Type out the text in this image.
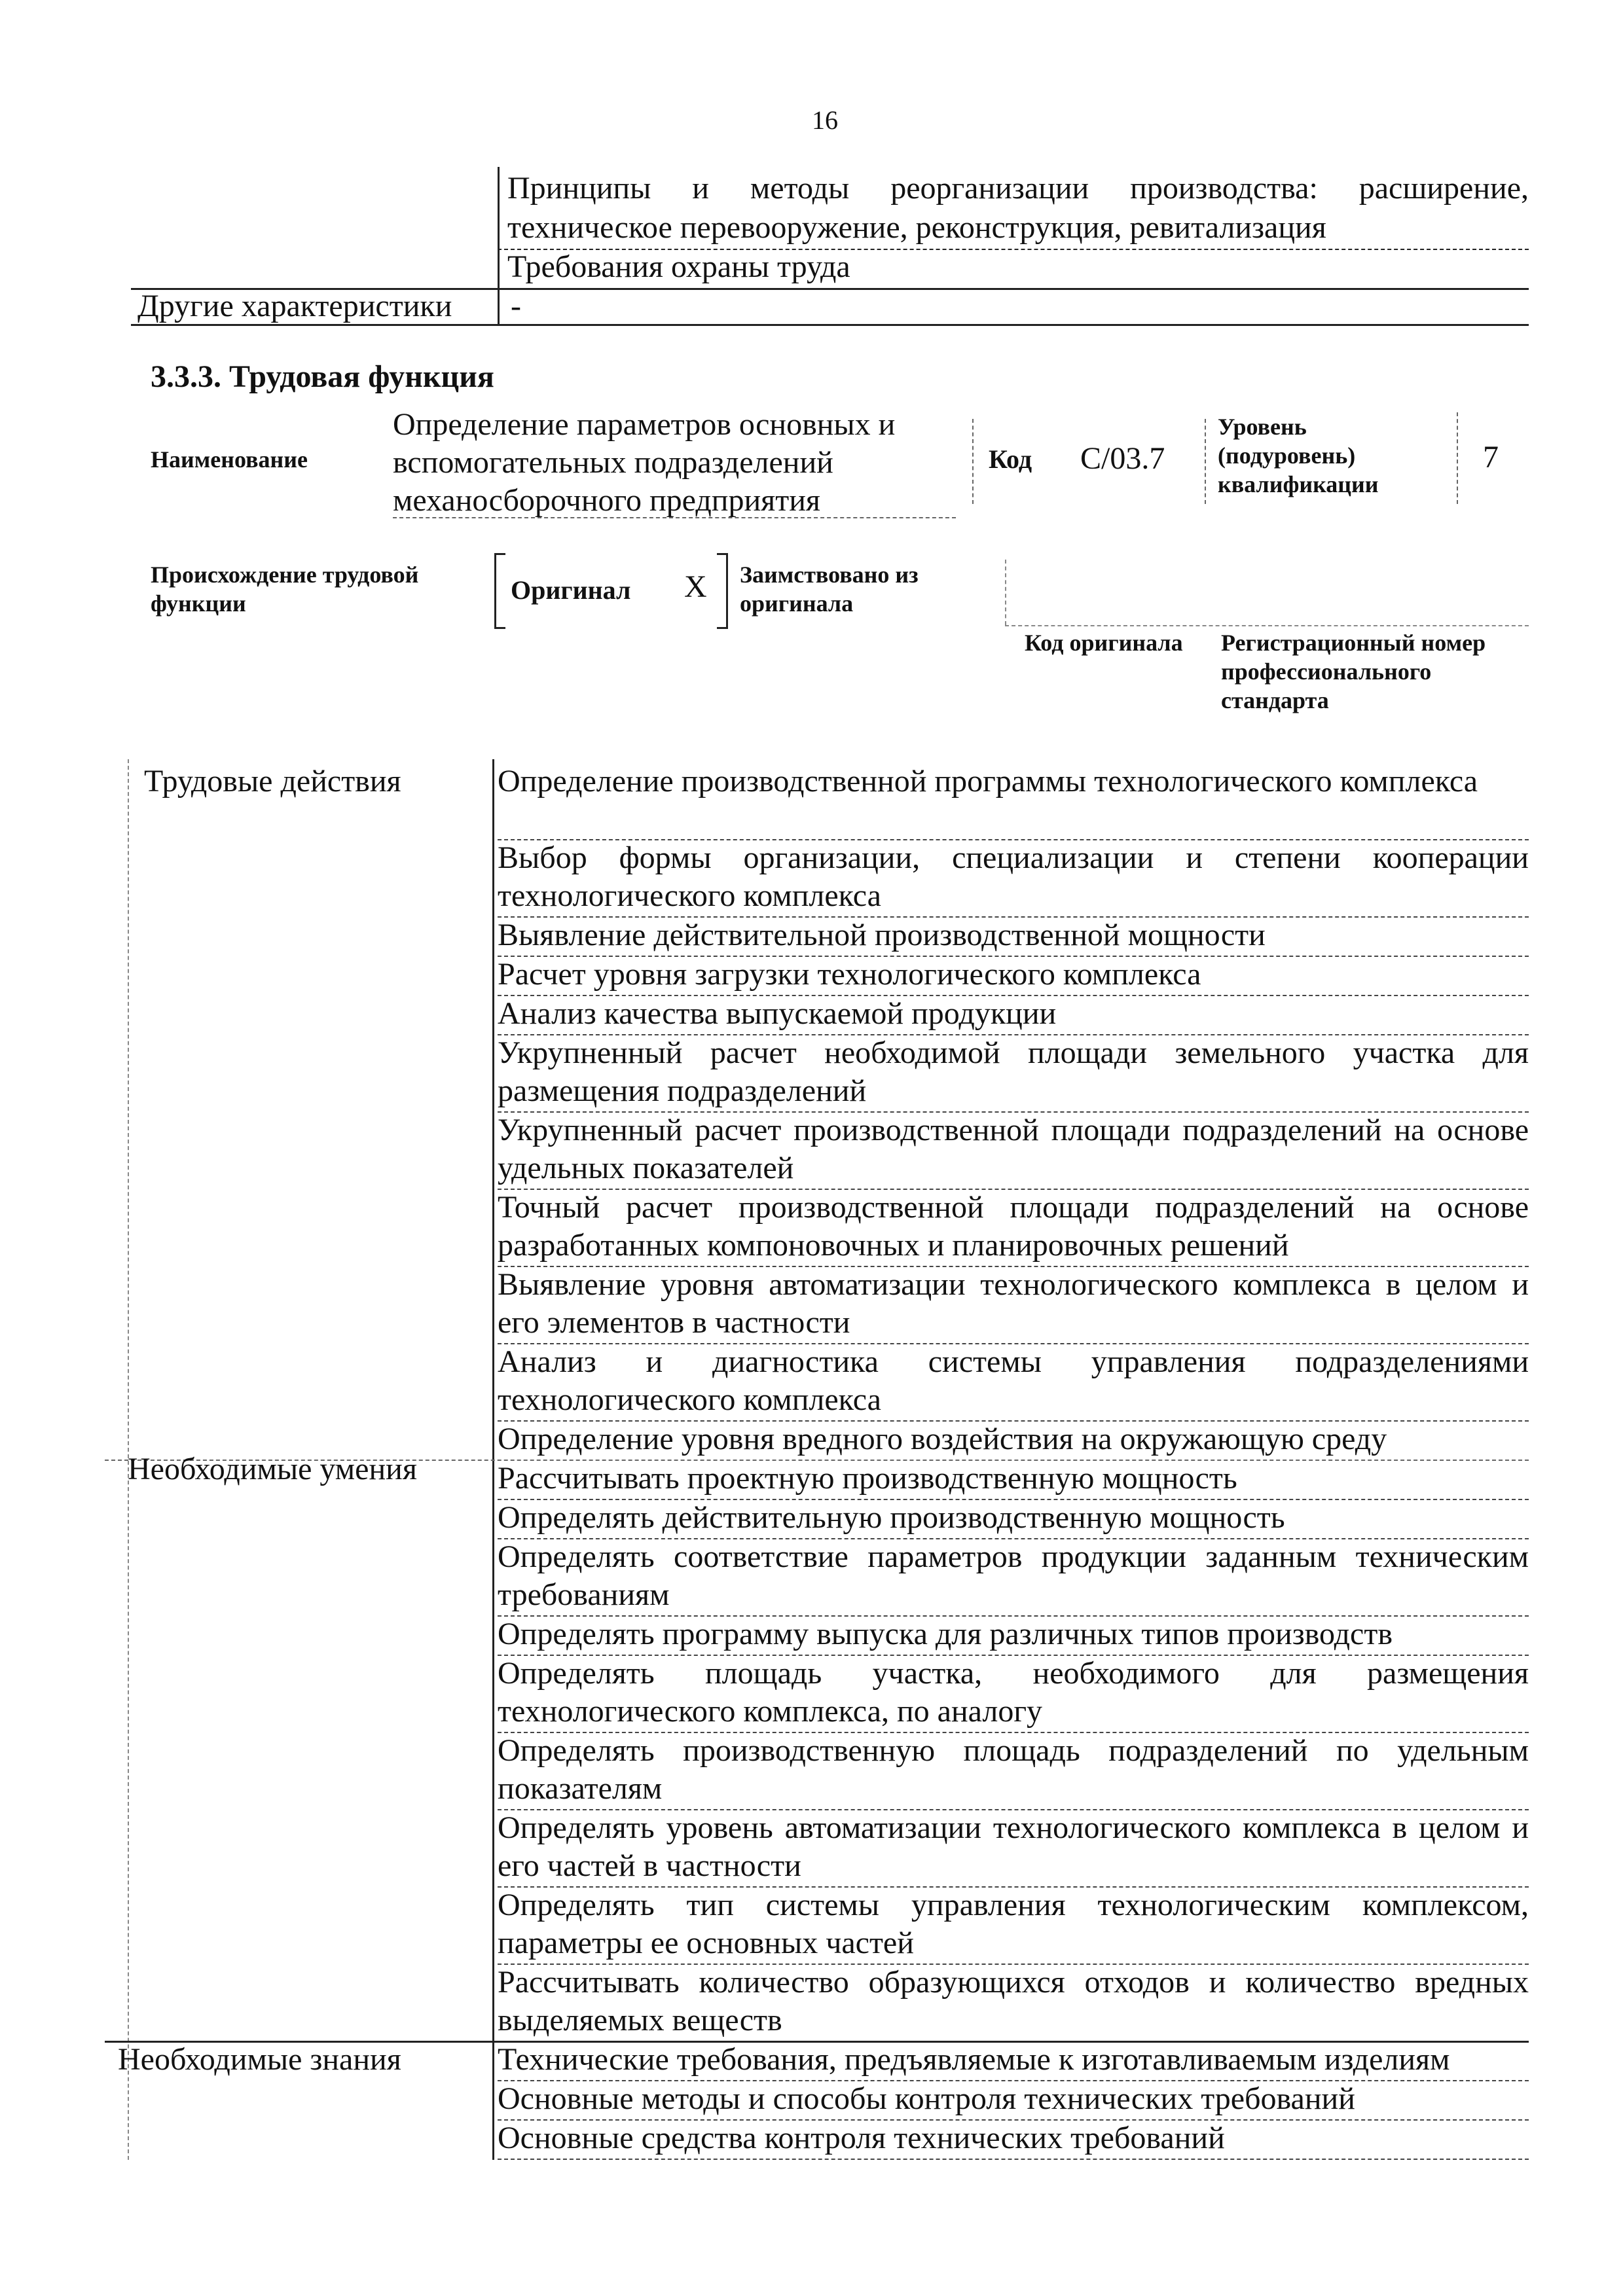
16
Принципы и методы реорганизации производства: расширение, техническое перевооружение, реконструкция, ревитализация
Требования охраны труда
Другие характеристики -
3.3.3. Трудовая функция
Наименование
Определение параметров основных и вспомогательных подразделений механосборочного предприятия
Код C/03.7
Уровень (подуровень) квалификации
7
Происхождение трудовой функции	Оригинал X Заимствовано из оригинала
Код оригинала Регистрационный номер профессионального стандарта
Трудовые действия	Определение производственной программы технологического комплекса
Выбор формы организации, специализации и степени кооперации технологического комплекса
Выявление действительной производственной мощности
Расчет уровня загрузки технологического комплекса
Анализ качества выпускаемой продукции
Укрупненный расчет необходимой площади земельного участка для размещения подразделений
Укрупненный расчет производственной площади подразделений на основе удельных показателей
Точный расчет производственной площади подразделений на основе разработанных компоновочных и планировочных решений
Выявление уровня автоматизации технологического комплекса в целом и его элементов в частности
Анализ и диагностика системы управления подразделениями технологического комплекса
Определение уровня вредного воздействия на окружающую среду
Необходимые умения	Рассчитывать проектную производственную мощность
Определять действительную производственную мощность
Определять соответствие параметров продукции заданным техническим требованиям
Определять программу выпуска для различных типов производств
Определять площадь участка, необходимого для размещения технологического комплекса, по аналогу
Определять производственную площадь подразделений по удельным показателям
Определять уровень автоматизации технологического комплекса в целом и его частей в частности
Определять тип системы управления технологическим комплексом, параметры ее основных частей
Рассчитывать количество образующихся отходов и количество вредных выделяемых веществ
Необходимые знания	Технические требования, предъявляемые к изготавливаемым изделиям
Основные методы и способы контроля технических требований
Основные средства контроля технических требований
